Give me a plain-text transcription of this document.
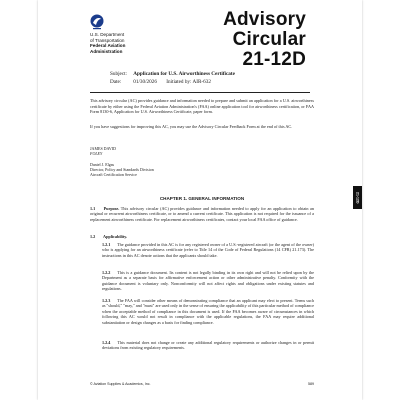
21-12D
U.S. Department
of Transportation
Federal Aviation
Administration
Advisory
Circular
21-12D
Subject: Application for U.S. Airworthiness Certificate
Date: 01/30/2026 Initiated by: AIR-632
This advisory circular (AC) provides guidance and information needed to prepare and submit an application for a U.S. airworthiness certificate by either using the Federal Aviation Administration's (FAA) online application tool for airworthiness certification, or FAA Form 8130-6, Application for U.S. Airworthiness Certificate, paper form.
If you have suggestions for improving this AC, you may use the Advisory Circular Feedback Form at the end of this AC.
JAMES DAVID
FOLEY
Daniel J. Elgas
Director, Policy and Standards Division
Aircraft Certification Service
CHAPTER 1. GENERAL INFORMATION
1.1 Purpose. This advisory circular (AC) provides guidance and information needed to apply for an application to obtain an original or recurrent airworthiness certificate, or to amend a current certificate. This application is not required for the issuance of a replacement airworthiness certificate. For replacement airworthiness certificates, contact your local FAA office of guidance.
1.2 Applicability.
1.2.1 The guidance provided in this AC is for any registered owner of a U.S.-registered aircraft (or the agent of the owner) who is applying for an airworthiness certificate (refer to Title 14 of the Code of Federal Regulations (14 CFR) 21.173). The instructions in this AC denote actions that the applicants should take.
1.2.2 This is a guidance document. Its content is not legally binding in its own right and will not be relied upon by the Department as a separate basis for affirmative enforcement action or other administrative penalty. Conformity with the guidance document is voluntary only. Nonconformity will not affect rights and obligations under existing statutes and regulations.
1.2.3 The FAA will consider other means of demonstrating compliance that an applicant may elect to present. Terms such as "should," "may," and "must" are used only in the sense of ensuring the applicability of this particular method of compliance when the acceptable method of compliance in this document is used. If the FAA becomes aware of circumstances in which following this AC would not result in compliance with the applicable regulations, the FAA may require additional substantiation or design changes as a basis for finding compliance.
1.2.4 This material does not change or create any additional regulatory requirements or authorize changes in or permit deviations from existing regulatory requirements.
© Aviation Supplies & Academics, Inc.	589
